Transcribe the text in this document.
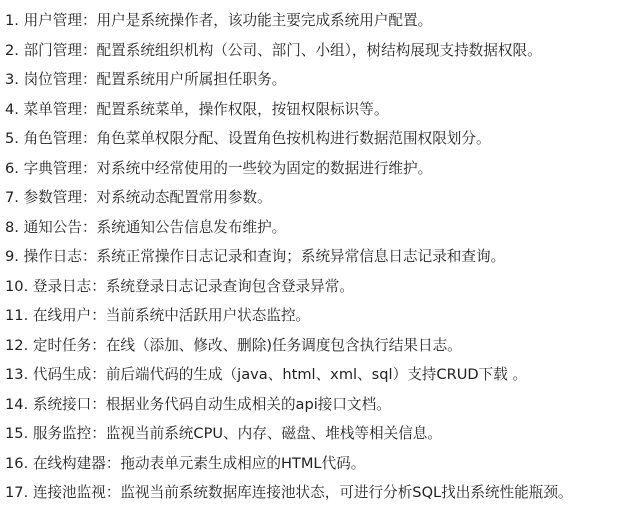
1. 用户管理：用户是系统操作者，该功能主要完成系统用户配置。
2. 部门管理：配置系统组织机构（公司、部门、小组），树结构展现支持数据权限。
3. 岗位管理：配置系统用户所属担任职务。
4. 菜单管理：配置系统菜单，操作权限，按钮权限标识等。
5. 角色管理：角色菜单权限分配、设置角色按机构进行数据范围权限划分。
6. 字典管理：对系统中经常使用的一些较为固定的数据进行维护。
7. 参数管理：对系统动态配置常用参数。
8. 通知公告：系统通知公告信息发布维护。
9. 操作日志：系统正常操作日志记录和查询；系统异常信息日志记录和查询。
10. 登录日志：系统登录日志记录查询包含登录异常。
11. 在线用户：当前系统中活跃用户状态监控。
12. 定时任务：在线（添加、修改、删除)任务调度包含执行结果日志。
13. 代码生成：前后端代码的生成（java、html、xml、sql）支持CRUD下载 。
14. 系统接口：根据业务代码自动生成相关的api接口文档。
15. 服务监控：监视当前系统CPU、内存、磁盘、堆栈等相关信息。
16. 在线构建器：拖动表单元素生成相应的HTML代码。
17. 连接池监视：监视当前系统数据库连接池状态，可进行分析SQL找出系统性能瓶颈。
